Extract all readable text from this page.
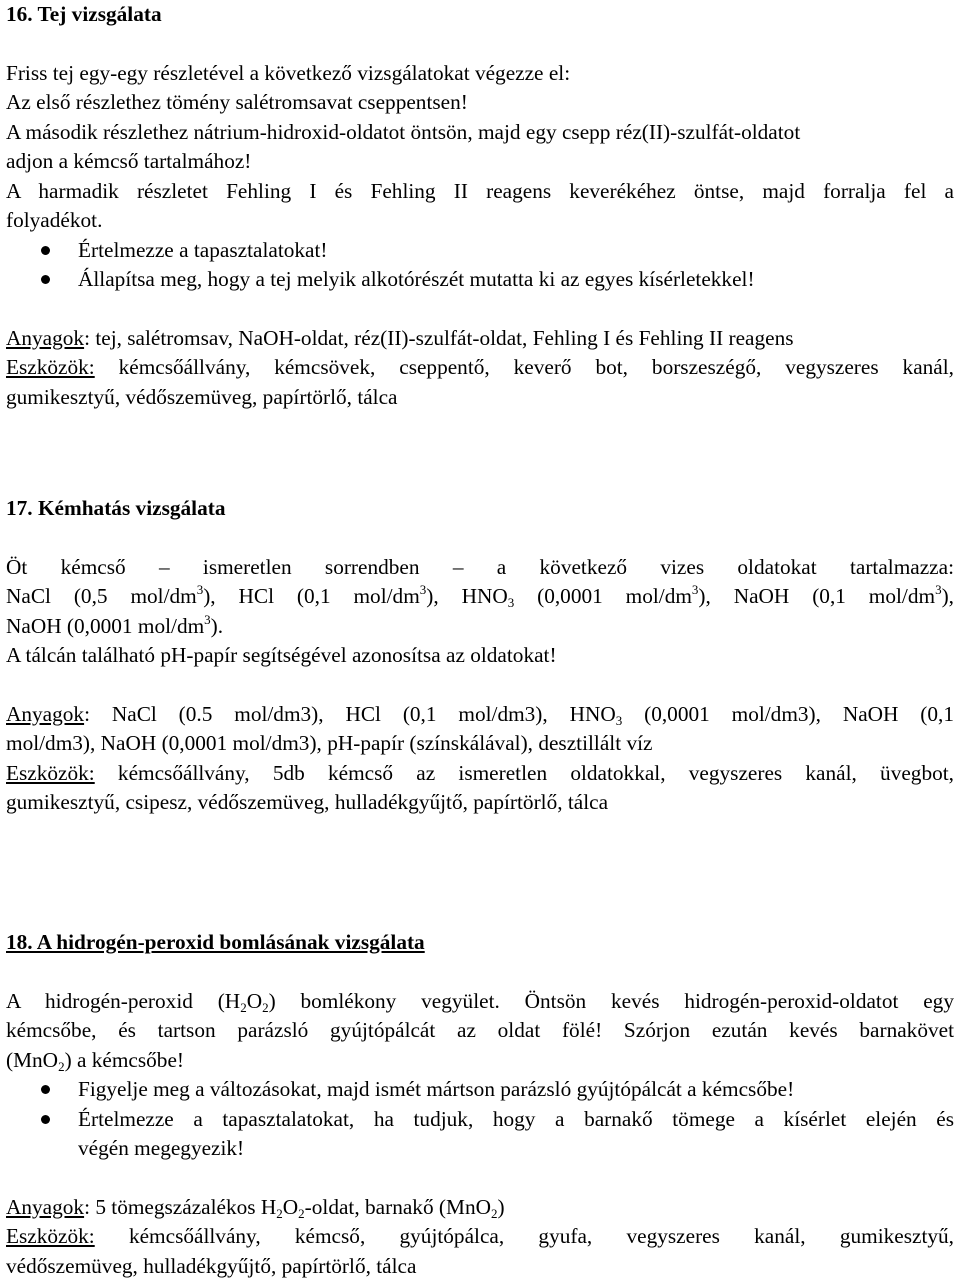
16. Tej vizsgálata

Friss tej egy-egy részletével a következő vizsgálatokat végezze el:

Az első részlethez tömény salétromsavat cseppentsen!

A második részlethez nátrium-hidroxid-oldatot öntsön, majd egy csepp réz(II)-szulfát-oldatot

adjon a kémcső tartalmához!

A harmadik részletet Fehling I és Fehling II reagens keverékéhez öntse, majd forralja fel a

folyadékot.

Értelmezze a tapasztalatokat!
Állapítsa meg, hogy a tej melyik alkotórészét mutatta ki az egyes kísérletekkel!

Anyagok: tej, salétromsav, NaOH-oldat, réz(II)-szulfát-oldat, Fehling I és Fehling II reagens

Eszközök: kémcsőállvány, kémcsövek, cseppentő, keverő bot, borszeszégő, vegyszeres kanál,

gumikesztyű, védőszemüveg, papírtörlő, tálca

17. Kémhatás vizsgálata

Öt kémcső – ismeretlen sorrendben – a következő vizes oldatokat tartalmazza:

NaCl (0,5 mol/$dm^3$), HCl (0,1 mol/$dm^3$), $HNO_3$ (0,0001 mol/$dm^3$), NaOH (0,1 mol/$dm^3$),

NaOH (0,0001 mol/$dm^3$).

A tálcán található pH-papír segítségével azonosítsa az oldatokat!

Anyagok: NaCl (0.5 mol/dm3), HCl (0,1 mol/dm3), $HNO_3$ (0,0001 mol/dm3), NaOH (0,1

mol/dm3), NaOH (0,0001 mol/dm3), pH-papír (színskálával), desztillált víz

Eszközök: kémcsőállvány, 5db kémcső az ismeretlen oldatokkal, vegyszeres kanál, üvegbot,

gumikesztyű, csipesz, védőszemüveg, hulladékgyűjtő, papírtörlő, tálca

18. A hidrogén-peroxid bomlásának vizsgálata

A hidrogén-peroxid $(H_2O_2)$ bomlékony vegyület. Öntsön kevés hidrogén-peroxid-oldatot egy

kémcsőbe, és tartson parázsló gyújtópálcát az oldat fölé! Szórjon ezután kevés barnakövet

(MnO$_2$) a kémcsőbe!

Figyelje meg a változásokat, majd ismét mártson parázsló gyújtópálcát a kémcsőbe!

Értelmezze a tapasztalatokat, ha tudjuk, hogy a barnakő tömege a kísérlet elején és

végén megegyezik!

Anyagok: 5 tömegszázalékos $H_2O_2$-oldat, barnakő (MnO$_2$)

Eszközök: kémcsőállvány, kémcső, gyújtópálca, gyufa, vegyszeres kanál, gumikesztyű,

védőszemüveg, hulladékgyűjtő, papírtörlő, tálca
